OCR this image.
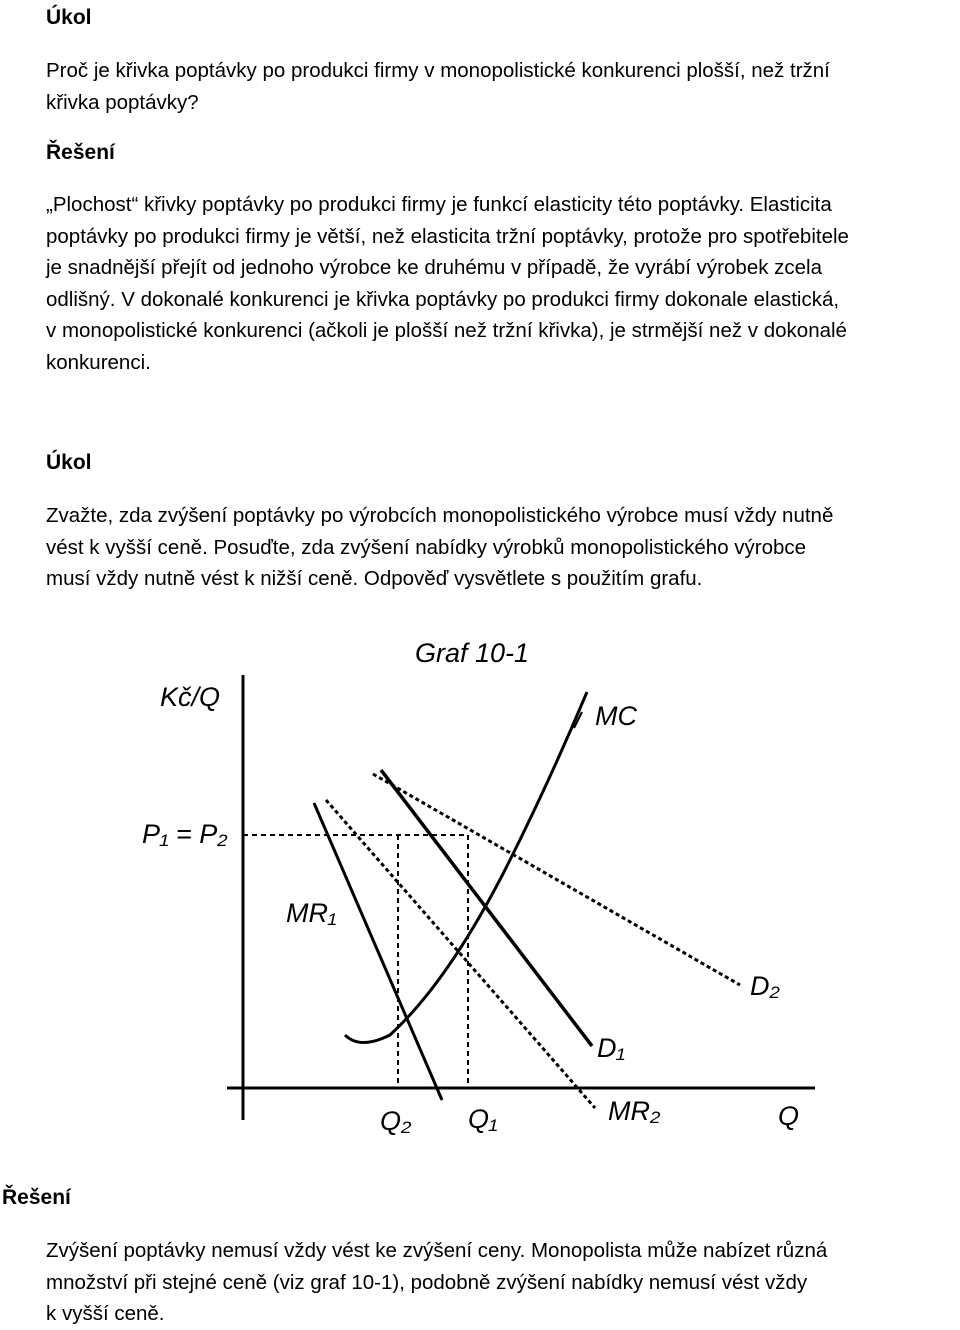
Úkol
Proč je křivka poptávky po produkci firmy v monopolistické konkurenci plošší, než tržní
křivka poptávky?
Řešení
„Plochost“ křivky poptávky po produkci firmy je funkcí elasticity této poptávky. Elasticita
poptávky po produkci firmy je větší, než elasticita tržní poptávky, protože pro spotřebitele
je snadnější přejít od jednoho výrobce ke druhému v případě, že vyrábí výrobek zcela
odlišný. V dokonalé konkurenci je křivka poptávky po produkci firmy dokonale elastická,
v monopolistické konkurenci (ačkoli je plošší než tržní křivka), je strmější než v dokonalé
konkurenci.
Úkol
Zvažte, zda zvýšení poptávky po výrobcích monopolistického výrobce musí vždy nutně
vést k vyšší ceně. Posuďte, zda zvýšení nabídky výrobků monopolistického výrobce
musí vždy nutně vést k nižší ceně. Odpověď vysvětlete s použitím grafu.
Graf 10-1
Kč/Q
Q
P₁ = P₂
MC
MR₁
D₁
D₂
MR₂
Q₂ Q₁
Řešení
Zvýšení poptávky nemusí vždy vést ke zvýšení ceny. Monopolista může nabízet různá
množství při stejné ceně (viz graf 10-1), podobně zvýšení nabídky nemusí vést vždy
k vyšší ceně.
